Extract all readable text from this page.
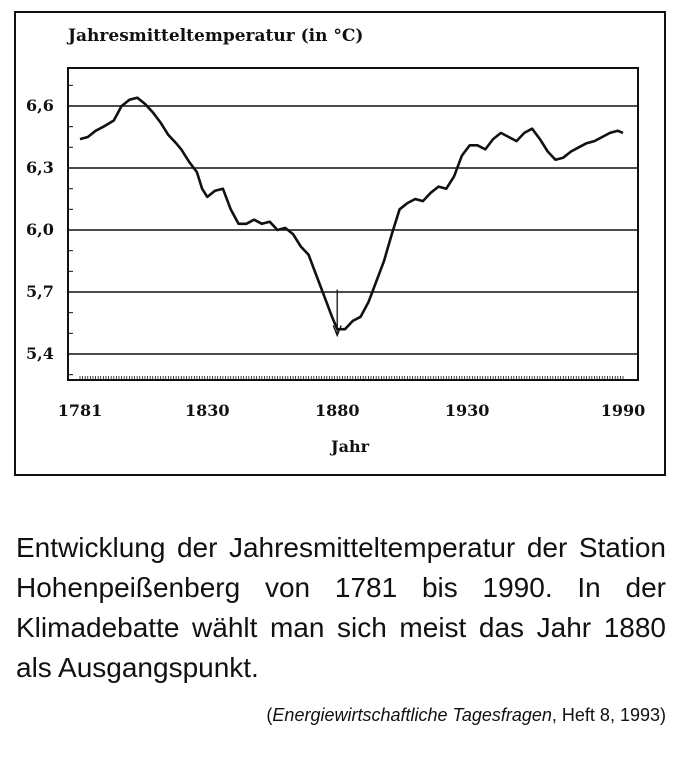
Jahresmitteltemperatur (in °C)
6,6
6,3
6,0
5,7
5,4
1781	1830	1880	1930	1990
Jahr

Entwicklung der Jahresmitteltemperatur der Station Hohenpeißenberg von 1781 bis 1990. In der Klimadebatte wählt man sich meist das Jahr 1880 als Ausgangspunkt.

(Energiewirtschaftliche Tagesfragen, Heft 8, 1993)
